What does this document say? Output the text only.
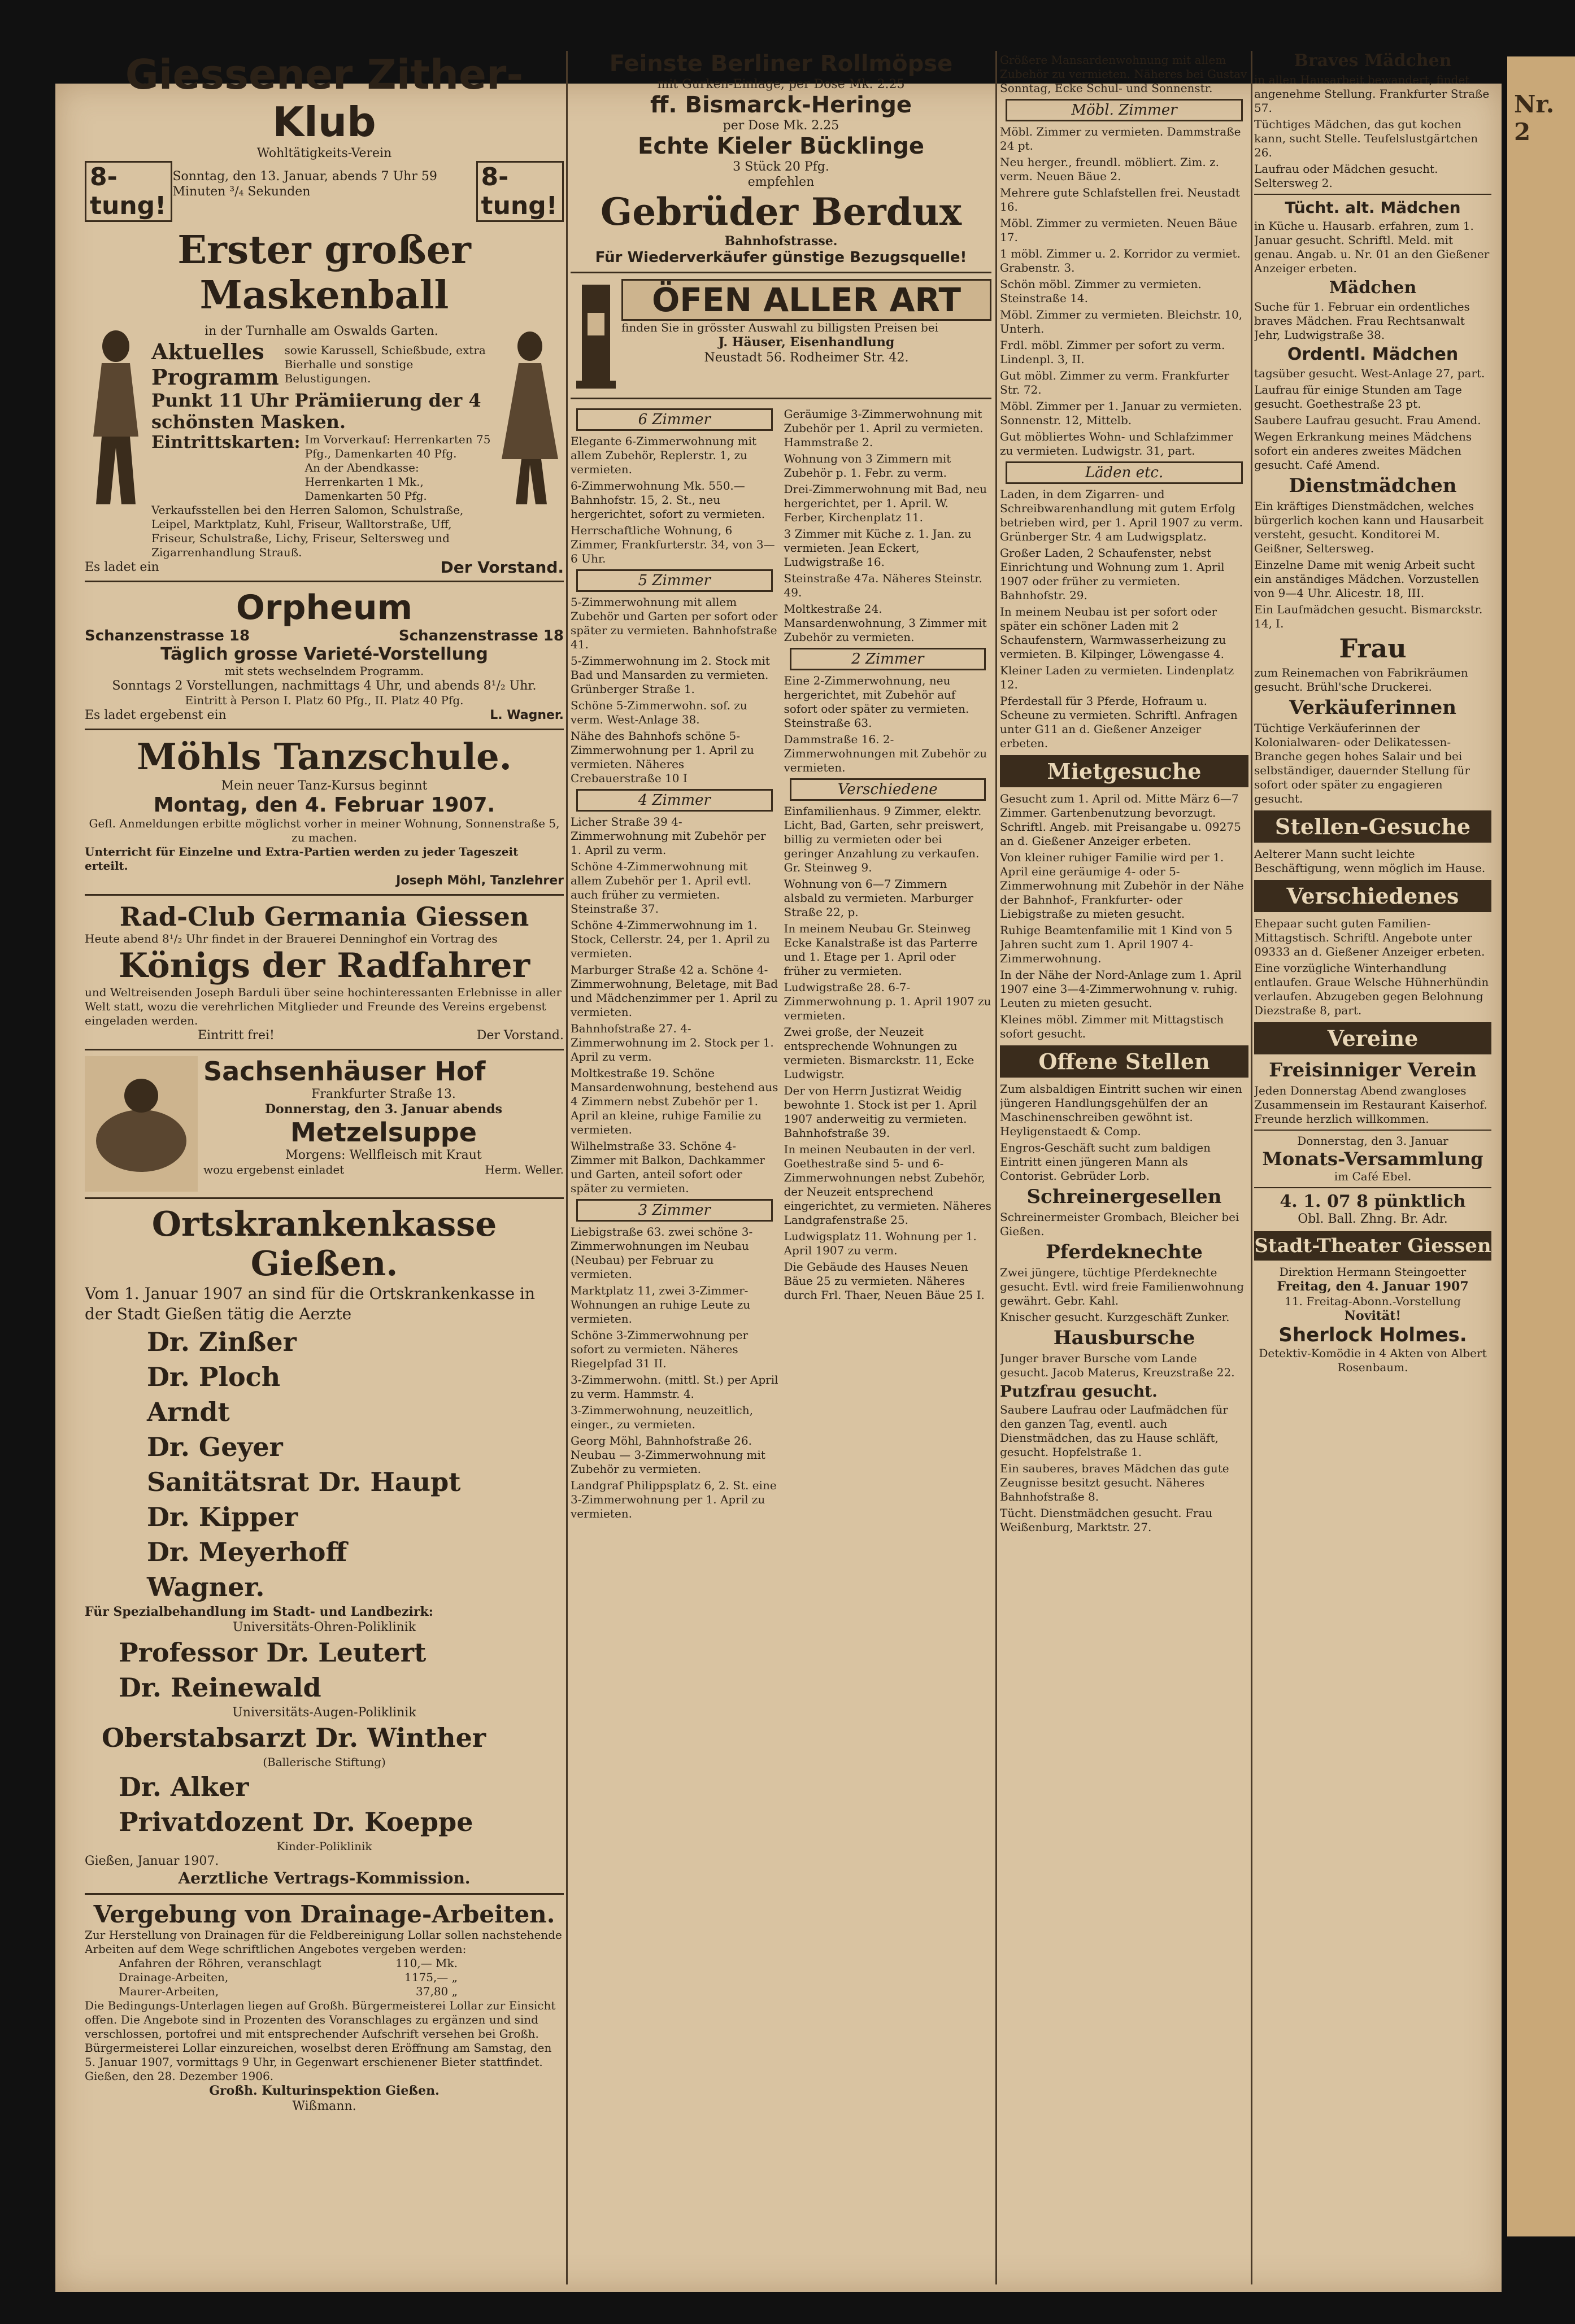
Nr. 2
Giessener Zither-Klub
Wohltätigkeits-Verein
8-tung!
Sonntag, den 13. Januar, abends 7 Uhr 59 Minuten ³/₄ Sekunden
8-tung!
Erster großer Maskenball
in der Turnhalle am Oswalds Garten.
Aktuelles Programm
sowie Karussell, Schießbude, extra Bierhalle und sonstige Belustigungen.
Punkt 11 Uhr Prämiierung der 4 schönsten Masken.
Eintrittskarten: Im Vorverkauf: Herrenkarten 75 Pfg., Damenkarten 40 Pfg.
An der Abendkasse: Herrenkarten 1 Mk., Damenkarten 50 Pfg.
Verkaufsstellen bei den Herren Salomon, Schulstraße, Leipel, Marktplatz, Kuhl, Friseur, Walltorstraße, Uff, Friseur, Schulstraße, Lichy, Friseur, Seltersweg und Zigarrenhandlung Strauß.
Es ladet ein	Der Vorstand.
Orpheum
Schanzenstrasse 18	Schanzenstrasse 18
Täglich grosse Varieté-Vorstellung
mit stets wechselndem Programm.
Sonntags 2 Vorstellungen, nachmittags 4 Uhr, und abends 8¹/₂ Uhr.
Eintritt à Person I. Platz 60 Pfg., II. Platz 40 Pfg.
Es ladet ergebenst ein	L. Wagner.
Möhls Tanzschule.
Mein neuer Tanz-Kursus beginnt
Montag, den 4. Februar 1907.
Gefl. Anmeldungen erbitte möglichst vorher in meiner Wohnung, Sonnenstraße 5, zu machen.
Unterricht für Einzelne und Extra-Partien werden zu jeder Tageszeit erteilt.
Joseph Möhl, Tanzlehrer
Rad-Club Germania Giessen
Heute abend 8¹/₂ Uhr findet in der Brauerei Denninghof ein Vortrag des
Königs der Radfahrer
und Weltreisenden Joseph Barduli über seine hochinteressanten Erlebnisse in aller Welt statt, wozu die verehrlichen Mitglieder und Freunde des Vereins ergebenst eingeladen werden.
Eintritt frei!	Der Vorstand.
Sachsenhäuser Hof
Frankfurter Straße 13.
Donnerstag, den 3. Januar abends
Metzelsuppe
Morgens: Wellfleisch mit Kraut
wozu ergebenst einladet	Herm. Weller.
Ortskrankenkasse Gießen.
Vom 1. Januar 1907 an sind für die Ortskrankenkasse in der Stadt Gießen tätig die Aerzte
Dr. Zinßer
Dr. Ploch
Arndt
Dr. Geyer
Sanitätsrat Dr. Haupt
Dr. Kipper
Dr. Meyerhoff
Wagner.
Für Spezialbehandlung im Stadt- und Landbezirk:
Universitäts-Ohren-Poliklinik
Professor Dr. Leutert
Dr. Reinewald
Universitäts-Augen-Poliklinik
Oberstabsarzt Dr. Winther
(Ballerische Stiftung)
Dr. Alker
Privatdozent Dr. Koeppe
Kinder-Poliklinik
Gießen, Januar 1907.
Aerztliche Vertrags-Kommission.
Vergebung von Drainage-Arbeiten.
Zur Herstellung von Drainagen für die Feldbereinigung Lollar sollen nachstehende Arbeiten auf dem Wege schriftlichen Angebotes vergeben werden:
Anfahren der Röhren, veranschlagt	110,— Mk.
Drainage-Arbeiten,	1175,— „
Maurer-Arbeiten,	37,80 „
Die Bedingungs-Unterlagen liegen auf Großh. Bürgermeisterei Lollar zur Einsicht offen. Die Angebote sind in Prozenten des Voranschlages zu ergänzen und sind verschlossen, portofrei und mit entsprechender Aufschrift versehen bei Großh. Bürgermeisterei Lollar einzureichen, woselbst deren Eröffnung am Samstag, den 5. Januar 1907, vormittags 9 Uhr, in Gegenwart erschienener Bieter stattfindet.
Gießen, den 28. Dezember 1906.
Großh. Kulturinspektion Gießen.
Wißmann.
Feinste Berliner Rollmöpse
mit Gurken-Einlage, per Dose Mk. 2.25
ff. Bismarck-Heringe
per Dose Mk. 2.25
Echte Kieler Bücklinge
3 Stück 20 Pfg.
empfehlen
Gebrüder Berdux
Bahnhofstrasse.
Für Wiederverkäufer günstige Bezugsquelle!
ÖFEN ALLER ART
finden Sie in grösster Auswahl zu billigsten Preisen bei
J. Häuser, Eisenhandlung
Neustadt 56. Rodheimer Str. 42.
6 Zimmer
Elegante 6-Zimmerwohnung mit allem Zubehör, Replerstr. 1, zu vermieten.
6-Zimmerwohnung Mk. 550.— Bahnhofstr. 15, 2. St., neu hergerichtet, sofort zu vermieten.
Herrschaftliche Wohnung, 6 Zimmer, Frankfurterstr. 34, von 3—6 Uhr.
5 Zimmer
5-Zimmerwohnung mit allem Zubehör und Garten per sofort oder später zu vermieten. Bahnhofstraße 41.
5-Zimmerwohnung im 2. Stock mit Bad und Mansarden zu vermieten. Grünberger Straße 1.
Schöne 5-Zimmerwohn. sof. zu verm. West-Anlage 38.
Nähe des Bahnhofs schöne 5-Zimmerwohnung per 1. April zu vermieten. Näheres Crebauerstraße 10 I
4 Zimmer
Licher Straße 39 4-Zimmerwohnung mit Zubehör per 1. April zu verm.
Schöne 4-Zimmerwohnung mit allem Zubehör per 1. April evtl. auch früher zu vermieten. Steinstraße 37.
Schöne 4-Zimmerwohnung im 1. Stock, Cellerstr. 24, per 1. April zu vermieten.
Marburger Straße 42 a. Schöne 4-Zimmerwohnung, Beletage, mit Bad und Mädchenzimmer per 1. April zu vermieten.
Bahnhofstraße 27. 4-Zimmerwohnung im 2. Stock per 1. April zu verm.
Moltkestraße 19. Schöne Mansardenwohnung, bestehend aus 4 Zimmern nebst Zubehör per 1. April an kleine, ruhige Familie zu vermieten.
Wilhelmstraße 33. Schöne 4-Zimmer mit Balkon, Dachkammer und Garten, anteil sofort oder später zu vermieten.
3 Zimmer
Liebigstraße 63. zwei schöne 3-Zimmerwohnungen im Neubau (Neubau) per Februar zu vermieten.
Marktplatz 11, zwei 3-Zimmer-Wohnungen an ruhige Leute zu vermieten.
Schöne 3-Zimmerwohnung per sofort zu vermieten. Näheres Riegelpfad 31 II.
3-Zimmerwohn. (mittl. St.) per April zu verm. Hammstr. 4.
3-Zimmerwohnung, neuzeitlich, einger., zu vermieten.
Georg Möhl, Bahnhofstraße 26. Neubau — 3-Zimmerwohnung mit Zubehör zu vermieten.
Landgraf Philippsplatz 6, 2. St. eine 3-Zimmerwohnung per 1. April zu vermieten.
Geräumige 3-Zimmerwohnung mit Zubehör per 1. April zu vermieten. Hammstraße 2.
Wohnung von 3 Zimmern mit Zubehör p. 1. Febr. zu verm.
Drei-Zimmerwohnung mit Bad, neu hergerichtet, per 1. April. W. Ferber, Kirchenplatz 11.
3 Zimmer mit Küche z. 1. Jan. zu vermieten. Jean Eckert, Ludwigstraße 16.
Steinstraße 47a. Näheres Steinstr. 49.
Moltkestraße 24. Mansardenwohnung, 3 Zimmer mit Zubehör zu vermieten.
2 Zimmer
Eine 2-Zimmerwohnung, neu hergerichtet, mit Zubehör auf sofort oder später zu vermieten. Steinstraße 63.
Dammstraße 16. 2-Zimmerwohnungen mit Zubehör zu vermieten.
Verschiedene
Einfamilienhaus. 9 Zimmer, elektr. Licht, Bad, Garten, sehr preiswert, billig zu vermieten oder bei geringer Anzahlung zu verkaufen. Gr. Steinweg 9.
Wohnung von 6—7 Zimmern alsbald zu vermieten. Marburger Straße 22, p.
In meinem Neubau Gr. Steinweg Ecke Kanalstraße ist das Parterre und 1. Etage per 1. April oder früher zu vermieten.
Ludwigstraße 28. 6-7-Zimmerwohnung p. 1. April 1907 zu vermieten.
Zwei große, der Neuzeit entsprechende Wohnungen zu vermieten. Bismarckstr. 11, Ecke Ludwigstr.
Der von Herrn Justizrat Weidig bewohnte 1. Stock ist per 1. April 1907 anderweitig zu vermieten. Bahnhofstraße 39.
In meinen Neubauten in der verl. Goethestraße sind 5- und 6-Zimmerwohnungen nebst Zubehör, der Neuzeit entsprechend eingerichtet, zu vermieten. Näheres Landgrafenstraße 25.
Ludwigsplatz 11. Wohnung per 1. April 1907 zu verm.
Die Gebäude des Hauses Neuen Bäue 25 zu vermieten. Näheres durch Frl. Thaer, Neuen Bäue 25 I.
Größere Mansardenwohnung mit allem Zubehör zu vermieten. Näheres bei Gustav Sonntag, Ecke Schul- und Sonnenstr.
Möbl. Zimmer
Möbl. Zimmer zu vermieten. Dammstraße 24 pt.
Neu herger., freundl. möbliert. Zim. z. verm. Neuen Bäue 2.
Mehrere gute Schlafstellen frei. Neustadt 16.
Möbl. Zimmer zu vermieten. Neuen Bäue 17.
1 möbl. Zimmer u. 2. Korridor zu vermiet. Grabenstr. 3.
Schön möbl. Zimmer zu vermieten. Steinstraße 14.
Möbl. Zimmer zu vermieten. Bleichstr. 10, Unterh.
Frdl. möbl. Zimmer per sofort zu verm. Lindenpl. 3, II.
Gut möbl. Zimmer zu verm. Frankfurter Str. 72.
Möbl. Zimmer per 1. Januar zu vermieten. Sonnenstr. 12, Mittelb.
Gut möbliertes Wohn- und Schlafzimmer zu vermieten. Ludwigstr. 31, part.
Läden etc.
Laden, in dem Zigarren- und Schreibwarenhandlung mit gutem Erfolg betrieben wird, per 1. April 1907 zu verm. Grünberger Str. 4 am Ludwigsplatz.
Großer Laden, 2 Schaufenster, nebst Einrichtung und Wohnung zum 1. April 1907 oder früher zu vermieten. Bahnhofstr. 29.
In meinem Neubau ist per sofort oder später ein schöner Laden mit 2 Schaufenstern, Warmwasserheizung zu vermieten. B. Kilpinger, Löwengasse 4.
Kleiner Laden zu vermieten. Lindenplatz 12.
Pferdestall für 3 Pferde, Hofraum u. Scheune zu vermieten. Schriftl. Anfragen unter G11 an d. Gießener Anzeiger erbeten.
Mietgesuche
Gesucht zum 1. April od. Mitte März 6—7 Zimmer. Gartenbenutzung bevorzugt. Schriftl. Angeb. mit Preisangabe u. 09275 an d. Gießener Anzeiger erbeten.
Von kleiner ruhiger Familie wird per 1. April eine geräumige 4- oder 5-Zimmerwohnung mit Zubehör in der Nähe der Bahnhof-, Frankfurter- oder Liebigstraße zu mieten gesucht.
Ruhige Beamtenfamilie mit 1 Kind von 5 Jahren sucht zum 1. April 1907 4-Zimmerwohnung.
In der Nähe der Nord-Anlage zum 1. April 1907 eine 3—4-Zimmerwohnung v. ruhig. Leuten zu mieten gesucht.
Kleines möbl. Zimmer mit Mittagstisch sofort gesucht.
Offene Stellen
Zum alsbaldigen Eintritt suchen wir einen jüngeren Handlungsgehülfen der an Maschinenschreiben gewöhnt ist. Heyligenstaedt & Comp.
Engros-Geschäft sucht zum baldigen Eintritt einen jüngeren Mann als Contorist. Gebrüder Lorb.
Schreinergesellen
Schreinermeister Grombach, Bleicher bei Gießen.
Pferdeknechte
Zwei jüngere, tüchtige Pferdeknechte gesucht. Evtl. wird freie Familienwohnung gewährt. Gebr. Kahl.
Knischer gesucht. Kurzgeschäft Zunker.
Hausbursche
Junger braver Bursche vom Lande gesucht. Jacob Materus, Kreuzstraße 22.
Putzfrau gesucht.
Saubere Laufrau oder Laufmädchen für den ganzen Tag, eventl. auch Dienstmädchen, das zu Hause schläft, gesucht. Hopfelstraße 1.
Ein sauberes, braves Mädchen das gute Zeugnisse besitzt gesucht. Näheres Bahnhofstraße 8.
Tücht. Dienstmädchen gesucht. Frau Weißenburg, Marktstr. 27.
Braves Mädchen
in allen Hausarbeit bewandert, findet angenehme Stellung. Frankfurter Straße 57.
Tüchtiges Mädchen, das gut kochen kann, sucht Stelle. Teufelslustgärtchen 26.
Laufrau oder Mädchen gesucht. Seltersweg 2.
Tücht. alt. Mädchen
in Küche u. Hausarb. erfahren, zum 1. Januar gesucht. Schriftl. Meld. mit genau. Angab. u. Nr. 01 an den Gießener Anzeiger erbeten.
Mädchen
Suche für 1. Februar ein ordentliches braves Mädchen. Frau Rechtsanwalt Jehr, Ludwigstraße 38.
Ordentl. Mädchen
tagsüber gesucht. West-Anlage 27, part.
Laufrau für einige Stunden am Tage gesucht. Goethestraße 23 pt.
Saubere Laufrau gesucht. Frau Amend.
Wegen Erkrankung meines Mädchens sofort ein anderes zweites Mädchen gesucht. Café Amend.
Dienstmädchen
Ein kräftiges Dienstmädchen, welches bürgerlich kochen kann und Hausarbeit versteht, gesucht. Konditorei M. Geißner, Seltersweg.
Einzelne Dame mit wenig Arbeit sucht ein anständiges Mädchen. Vorzustellen von 9—4 Uhr. Alicestr. 18, III.
Ein Laufmädchen gesucht. Bismarckstr. 14, I.
Frau
zum Reinemachen von Fabrikräumen gesucht. Brühl'sche Druckerei.
Verkäuferinnen
Tüchtige Verkäuferinnen der Kolonialwaren- oder Delikatessen-Branche gegen hohes Salair und bei selbständiger, dauernder Stellung für sofort oder später zu engagieren gesucht.
Stellen-Gesuche
Aelterer Mann sucht leichte Beschäftigung, wenn möglich im Hause.
Verschiedenes
Ehepaar sucht guten Familien-Mittagstisch. Schriftl. Angebote unter 09333 an d. Gießener Anzeiger erbeten.
Eine vorzügliche Winterhandlung entlaufen. Graue Welsche Hühnerhündin verlaufen. Abzugeben gegen Belohnung Diezstraße 8, part.
Vereine
Freisinniger Verein
Jeden Donnerstag Abend zwangloses Zusammensein im Restaurant Kaiserhof. Freunde herzlich willkommen.
Donnerstag, den 3. Januar
Monats-Versammlung
im Café Ebel.
4. 1. 07 8 pünktlich
Obl. Ball. Zhng. Br. Adr.
Stadt-Theater Giessen
Direktion Hermann Steingoetter
Freitag, den 4. Januar 1907
11. Freitag-Abonn.-Vorstellung
Novität!
Sherlock Holmes.
Detektiv-Komödie in 4 Akten von Albert Rosenbaum.
